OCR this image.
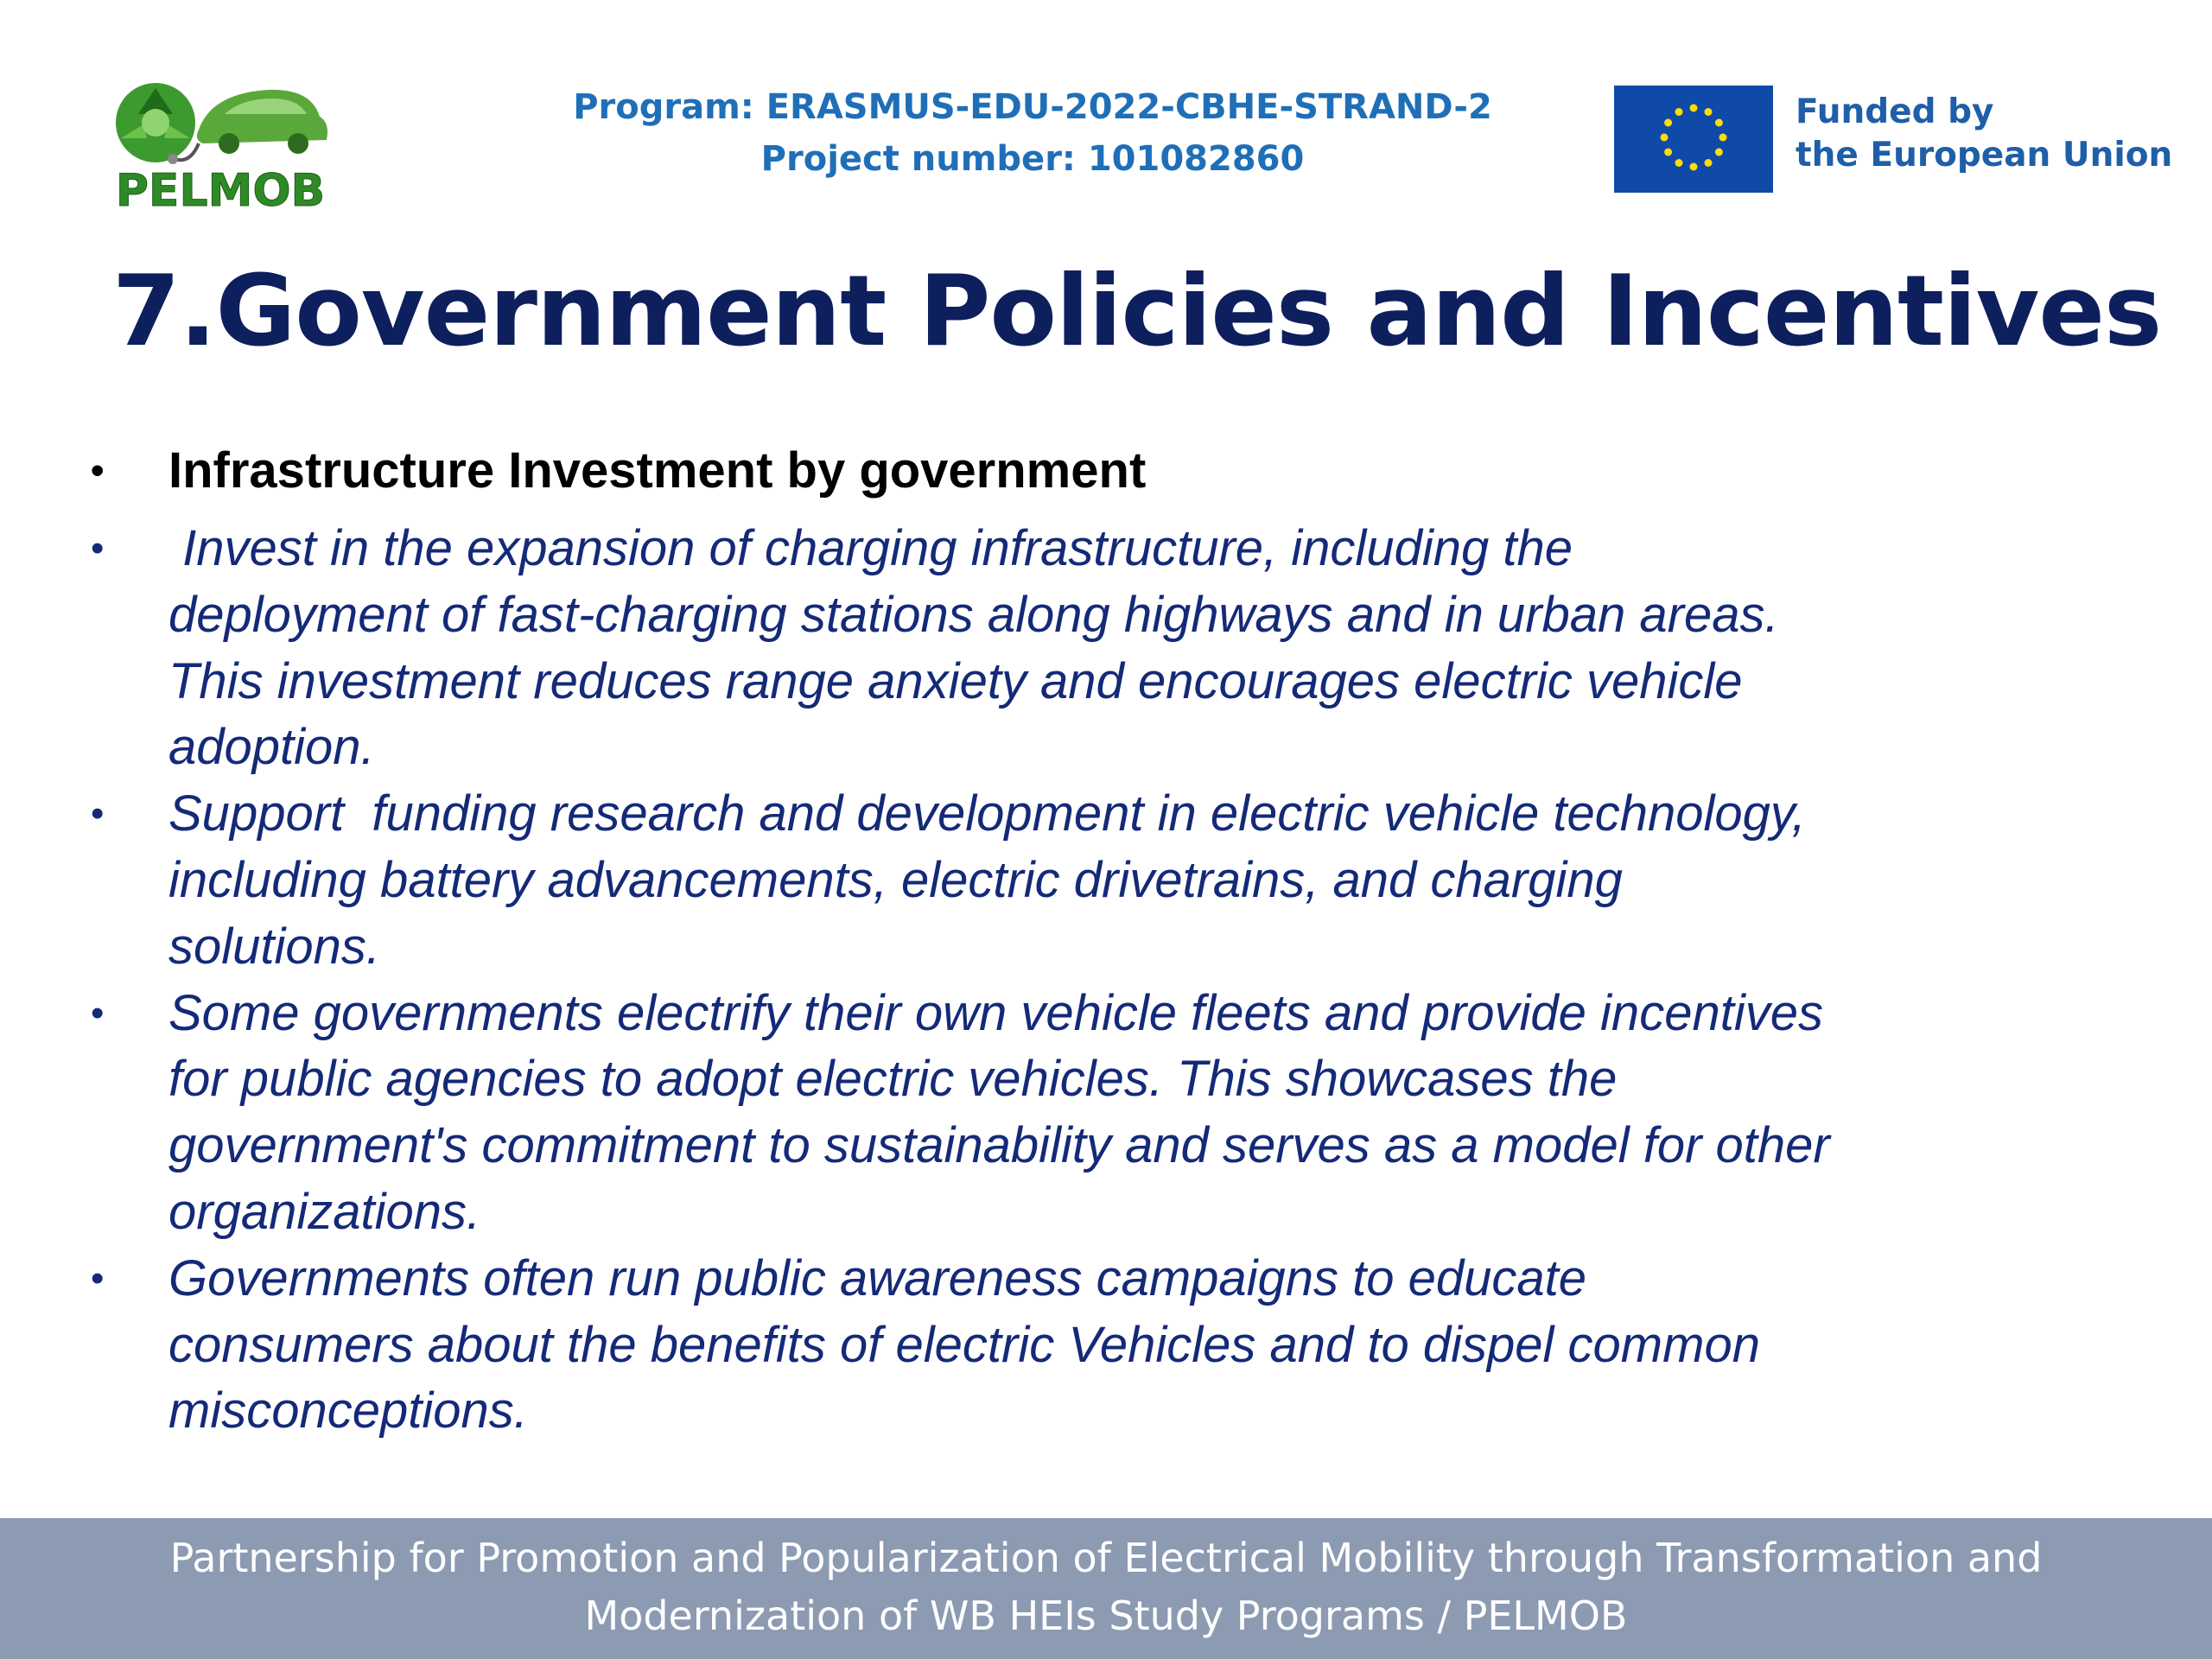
PELMOB
Program: ERASMUS-EDU-2022-CBHE-STRAND-2
Project number: 101082860
Funded by
the European Union
7.Government Policies and Incentives
• Infrastructure Investment by government
• Invest in the expansion of charging infrastructure, including the
deployment of fast-charging stations along highways and in urban areas.
This investment reduces range anxiety and encourages electric vehicle
adoption.
• Support  funding research and development in electric vehicle technology,
including battery advancements, electric drivetrains, and charging
solutions.
• Some governments electrify their own vehicle fleets and provide incentives
for public agencies to adopt electric vehicles. This showcases the
government's commitment to sustainability and serves as a model for other
organizations.
• Governments often run public awareness campaigns to educate
consumers about the benefits of electric Vehicles and to dispel common
misconceptions.
Partnership for Promotion and Popularization of Electrical Mobility through Transformation and
Modernization of WB HEIs Study Programs / PELMOB
